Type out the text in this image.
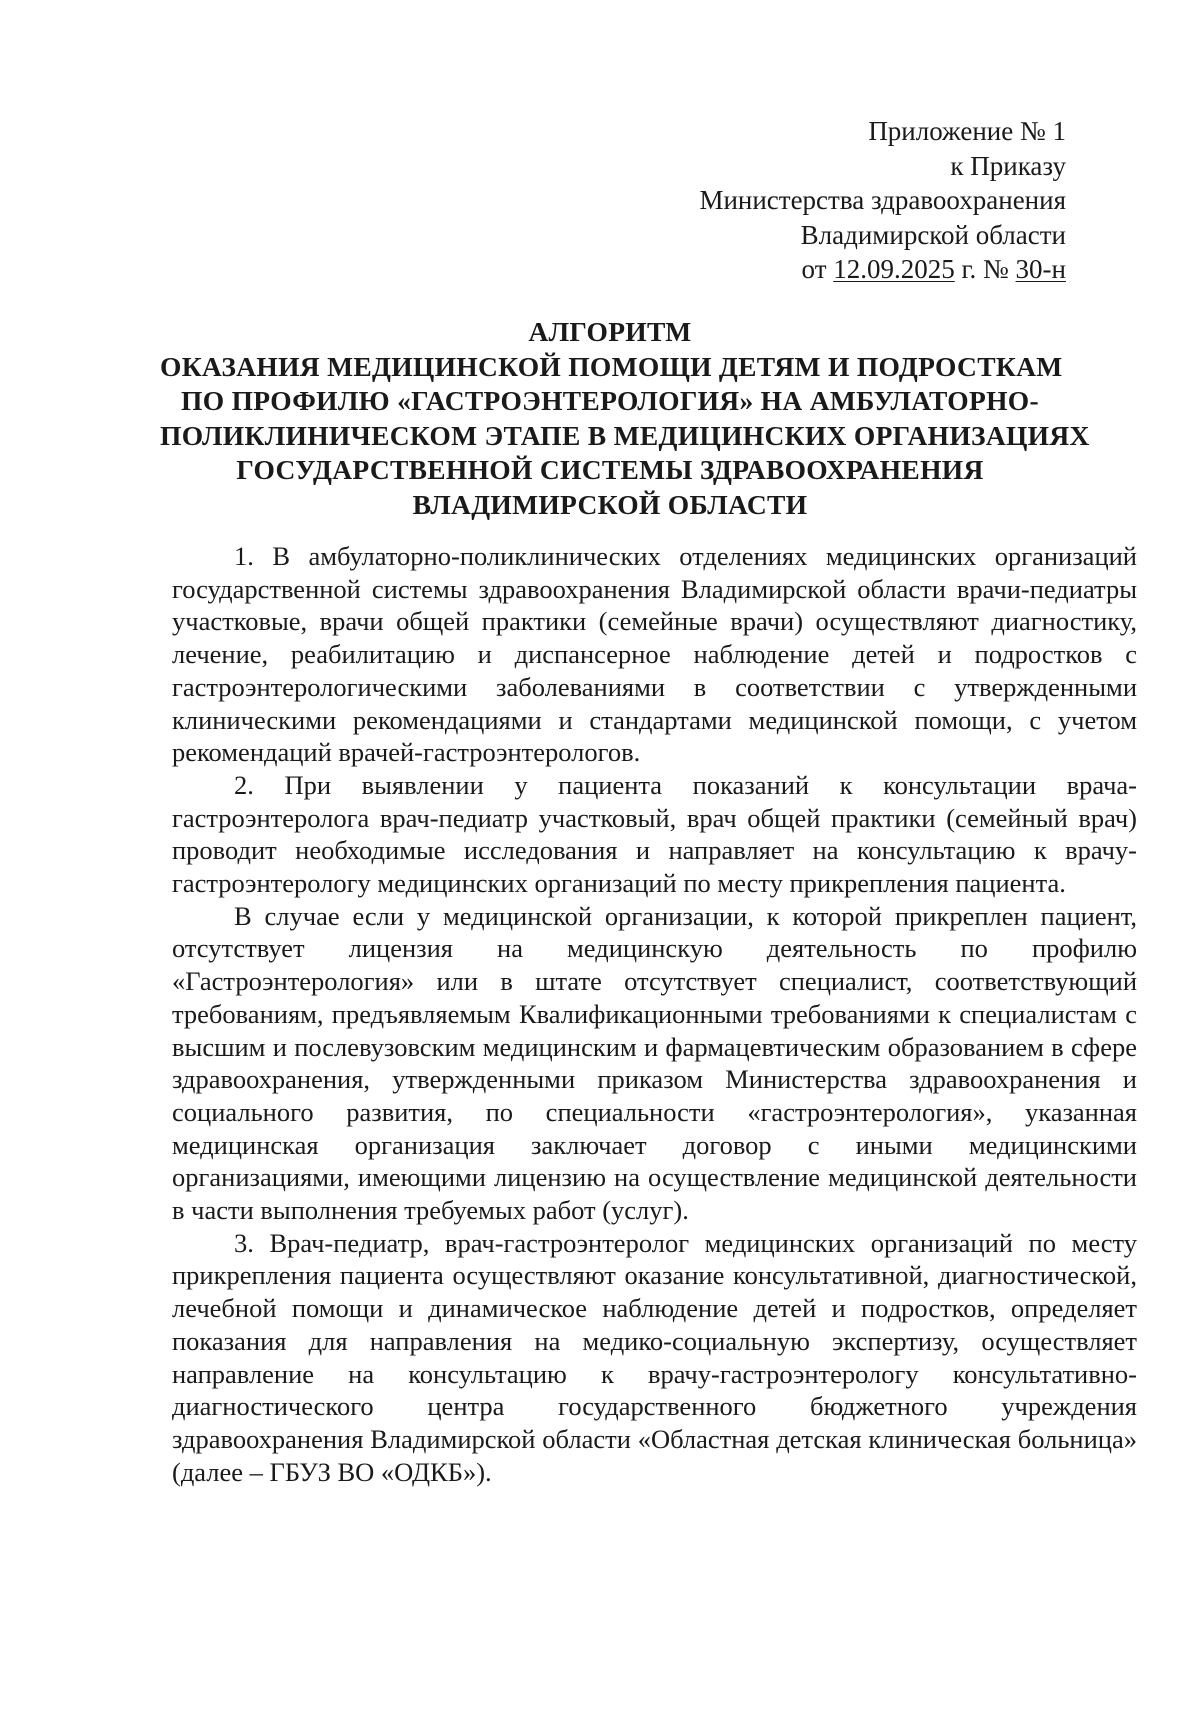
Приложение № 1
к Приказу
Министерства здравоохранения
Владимирской области
от 12.09.2025 г. № 30-н
АЛГОРИТМ
ОКАЗАНИЯ МЕДИЦИНСКОЙ ПОМОЩИ ДЕТЯМ И ПОДРОСТКАМ
ПО ПРОФИЛЮ «ГАСТРОЭНТЕРОЛОГИЯ» НА АМБУЛАТОРНО-
ПОЛИКЛИНИЧЕСКОМ ЭТАПЕ В МЕДИЦИНСКИХ ОРГАНИЗАЦИЯХ
ГОСУДАРСТВЕННОЙ СИСТЕМЫ ЗДРАВООХРАНЕНИЯ
ВЛАДИМИРСКОЙ ОБЛАСТИ

1. В амбулаторно-поликлинических отделениях медицинских организаций государственной системы здравоохранения Владимирской области врачи-педиатры участковые, врачи общей практики (семейные врачи) осуществляют диагностику, лечение, реабилитацию и диспансерное наблюдение детей и подростков с гастроэнтерологическими заболеваниями в соответствии с утвержденными клиническими рекомендациями и стандартами медицинской помощи, с учетом рекомендаций врачей-гастроэнтерологов.

2. При выявлении у пациента показаний к консультации врача-гастроэнтеролога врач-педиатр участковый, врач общей практики (семейный врач) проводит необходимые исследования и направляет на консультацию к врачу-гастроэнтерологу медицинских организаций по месту прикрепления пациента.

В случае если у медицинской организации, к которой прикреплен пациент, отсутствует лицензия на медицинскую деятельность по профилю «Гастроэнтерология» или в штате отсутствует специалист, соответствующий требованиям, предъявляемым Квалификационными требованиями к специалистам с высшим и послевузовским медицинским и фармацевтическим образованием в сфере здравоохранения, утвержденными приказом Министерства здравоохранения и социального развития, по специальности «гастроэнтерология», указанная медицинская организация заключает договор с иными медицинскими организациями, имеющими лицензию на осуществление медицинской деятельности в части выполнения требуемых работ (услуг).

3. Врач-педиатр, врач-гастроэнтеролог медицинских организаций по месту прикрепления пациента осуществляют оказание консультативной, диагностической, лечебной помощи и динамическое наблюдение детей и подростков, определяет показания для направления на медико-социальную экспертизу, осуществляет направление на консультацию к врачу-гастроэнтерологу консультативно-диагностического центра государственного бюджетного учреждения здравоохранения Владимирской области «Областная детская клиническая больница» (далее – ГБУЗ ВО «ОДКБ»).
